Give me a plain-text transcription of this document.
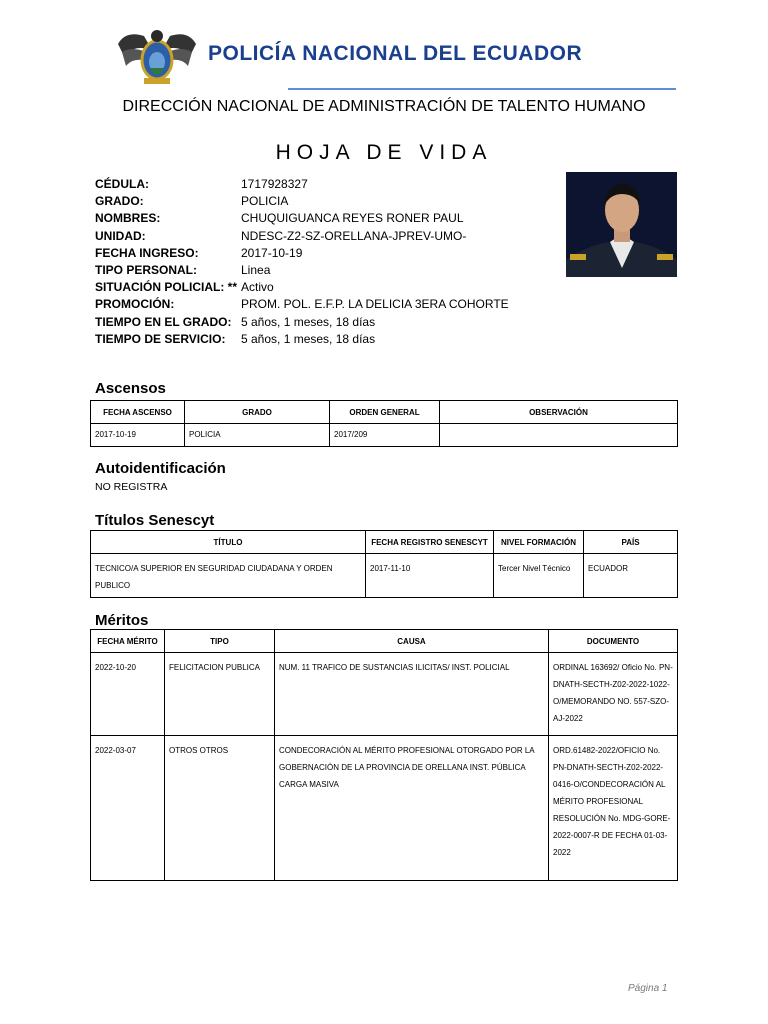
POLICÍA NACIONAL DEL ECUADOR
DIRECCIÓN NACIONAL DE ADMINISTRACIÓN DE TALENTO HUMANO
HOJA DE VIDA
CÉDULA:	1717928327
GRADO:	POLICIA
NOMBRES:	CHUQUIGUANCA REYES RONER PAUL
UNIDAD:	NDESC-Z2-SZ-ORELLANA-JPREV-UMO-
FECHA INGRESO:	2017-10-19
TIPO PERSONAL:	Linea
SITUACIÓN POLICIAL: ** Activo
PROMOCIÓN:	PROM. POL. E.F.P. LA DELICIA 3ERA COHORTE
TIEMPO EN EL GRADO: 5 años, 1 meses, 18 días
TIEMPO DE SERVICIO:	5 años, 1 meses, 18 días
Ascensos
FECHA ASCENSO	GRADO	ORDEN GENERAL	OBSERVACIÓN
2017-10-19	POLICIA	2017/209	
Autoidentificación
NO REGISTRA
Títulos Senescyt
TÍTULO	FECHA REGISTRO SENESCYT	NIVEL FORMACIÓN	PAÍS
TECNICO/A SUPERIOR EN SEGURIDAD CIUDADANA Y ORDEN PUBLICO	2017-11-10	Tercer Nivel Técnico	ECUADOR
Méritos
FECHA MÉRITO	TIPO	CAUSA	DOCUMENTO
2022-10-20	FELICITACION PUBLICA	NUM. 11 TRAFICO DE SUSTANCIAS ILICITAS/ INST. POLICIAL	ORDINAL 163692/ Oficio No. PN-DNATH-SECTH-Z02-2022-1022-O/MEMORANDO NO. 557-SZO-AJ-2022
2022-03-07	OTROS OTROS	CONDECORACIÓN AL MÉRITO PROFESIONAL OTORGADO POR LA GOBERNACIÓN DE LA PROVINCIA DE ORELLANA INST. PÚBLICA CARGA MASIVA	ORD.61482-2022/OFICIO No. PN-DNATH-SECTH-Z02-2022-0416-O/CONDECORACIÓN AL MÉRITO PROFESIONAL RESOLUCIÓN No. MDG-GORE-2022-0007-R DE FECHA 01-03-2022
Página 1
